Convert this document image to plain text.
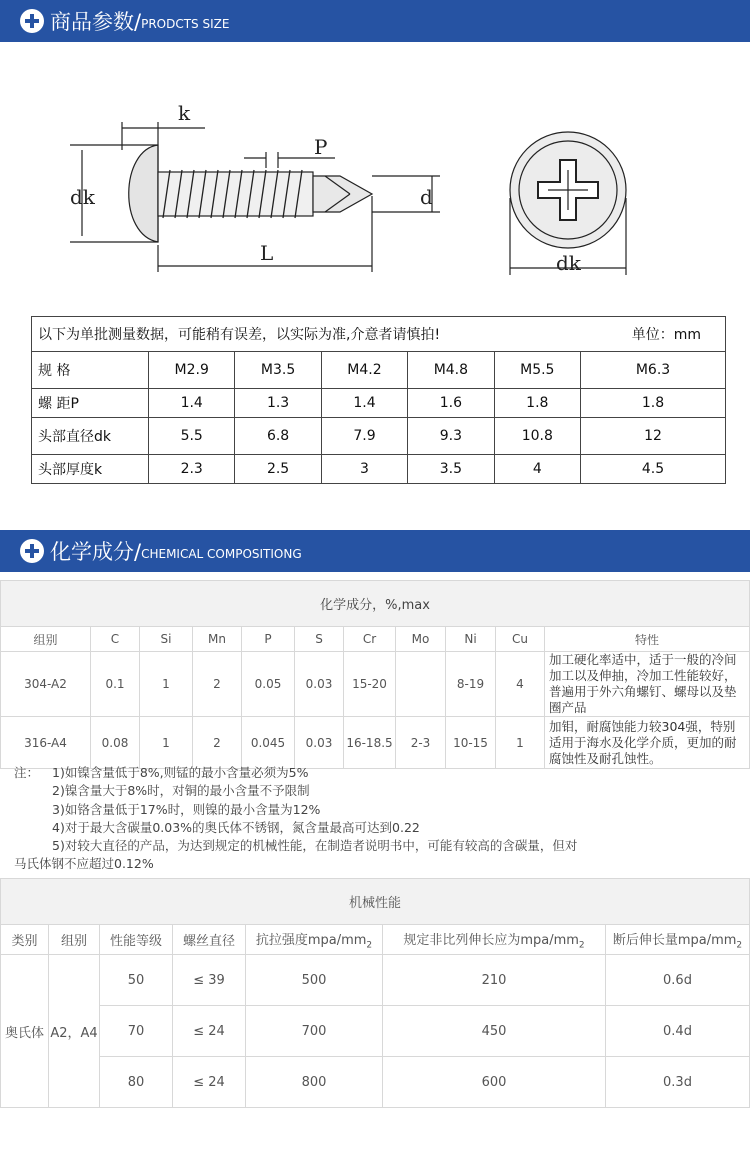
商品参数/ PRODCTS SIZE
k
P
dk	d
L	dk
以下为单批测量数据，可能稍有误差，以实际为准,介意者请慎拍!						单位：mm
规 格	M2.9	M3.5	M4.2	M4.8	M5.5	M6.3
螺 距P	1.4	1.3	1.4	1.6	1.8	1.8
头部直径dk	5.5	6.8	7.9	9.3	10.8	12
头部厚度k	2.3	2.5	3	3.5	4	4.5
化学成分/ CHEMICAL COMPOSITIONG
化学成分，%,max										
组别	C	Si	Mn	P	S	Cr	Mo	Ni	Cu	特性
304-A2	0.1	1	2	0.05	0.03	15-20		8-19	4	加工硬化率适中，适于一般的冷间加工以及伸抽，冷加工性能较好，普遍用于外六角螺钉、螺母以及垫圈产品
316-A4	0.08	1	2	0.045	0.03	16-18.5	2-3	10-15	1	加钼，耐腐蚀能力较304强，特别适用于海水及化学介质，更加的耐腐蚀性及耐孔蚀性。
注： 1)如镍含量低于8%,则锰的最小含量必须为5%
2)镍含量大于8%时，对铜的最小含量不予限制
3)如铬含量低于17%时，则镍的最小含量为12%
4)对于最大含碳量0.03%的奥氏体不锈钢，氮含量最高可达到0.22
5)对较大直径的产品，为达到规定的机械性能，在制造者说明书中，可能有较高的含碳量，但对
马氏体钢不应超过0.12%
机械性能						
类别	组别	性能等级	螺丝直径	抗拉强度mpa/$mm_2$	规定非比列伸长应为mpa/$mm_2$	断后伸长量mpa/$mm_2$
奥氏体	A2，A4	50	≤ 39	500	210	0.6d
		70	≤ 24	700	450	0.4d
		80	≤ 24	800	600	0.3d
